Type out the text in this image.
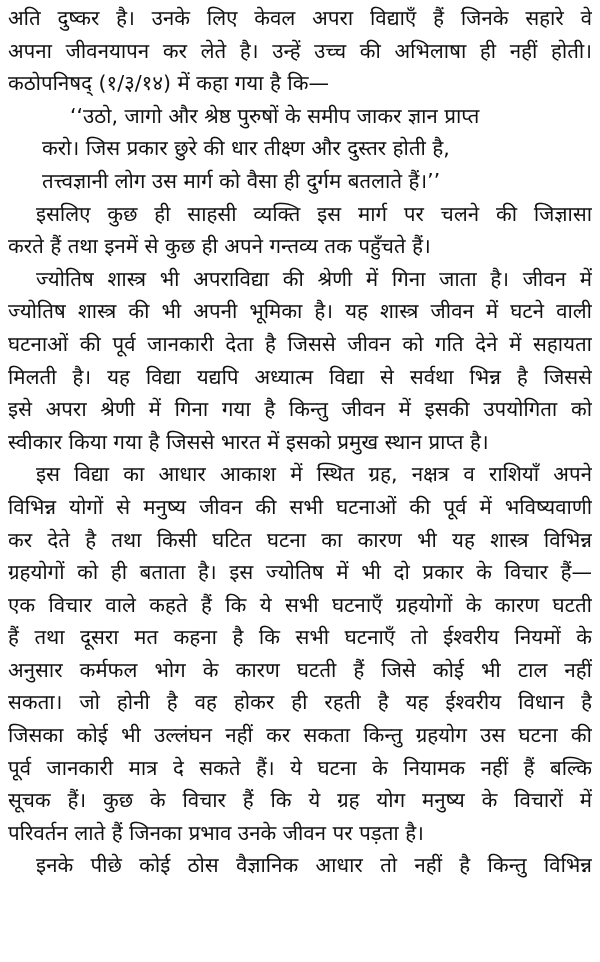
अति दुष्कर है। उनके लिए केवल अपरा विद्याएँ हैं जिनके सहारे वे
अपना जीवनयापन कर लेते है। उन्हें उच्च की अभिलाषा ही नहीं होती।
कठोपनिषद् (१/३/१४) में कहा गया है कि—
‘‘उठो, जागो और श्रेष्ठ पुरुषों के समीप जाकर ज्ञान प्राप्त
करो। जिस प्रकार छुरे की धार तीक्ष्ण और दुस्तर होती है,
तत्त्वज्ञानी लोग उस मार्ग को वैसा ही दुर्गम बतलाते हैं।’’
इसलिए कुछ ही साहसी व्यक्ति इस मार्ग पर चलने की जिज्ञासा
करते हैं तथा इनमें से कुछ ही अपने गन्तव्य तक पहुँचते हैं।
ज्योतिष शास्त्र भी अपराविद्या की श्रेणी में गिना जाता है। जीवन में
ज्योतिष शास्त्र की भी अपनी भूमिका है। यह शास्त्र जीवन में घटने वाली
घटनाओं की पूर्व जानकारी देता है जिससे जीवन को गति देने में सहायता
मिलती है। यह विद्या यद्यपि अध्यात्म विद्या से सर्वथा भिन्न है जिससे
इसे अपरा श्रेणी में गिना गया है किन्तु जीवन में इसकी उपयोगिता को
स्वीकार किया गया है जिससे भारत में इसको प्रमुख स्थान प्राप्त है।
इस विद्या का आधार आकाश में स्थित ग्रह, नक्षत्र व राशियाँ अपने
विभिन्न योगों से मनुष्य जीवन की सभी घटनाओं की पूर्व में भविष्यवाणी
कर देते है तथा किसी घटित घटना का कारण भी यह शास्त्र विभिन्न
ग्रहयोगों को ही बताता है। इस ज्योतिष में भी दो प्रकार के विचार हैं—
एक विचार वाले कहते हैं कि ये सभी घटनाएँ ग्रहयोगों के कारण घटती
हैं तथा दूसरा मत कहना है कि सभी घटनाएँ तो ईश्वरीय नियमों के
अनुसार कर्मफल भोग के कारण घटती हैं जिसे कोई भी टाल नहीं
सकता। जो होनी है वह होकर ही रहती है यह ईश्वरीय विधान है
जिसका कोई भी उल्लंघन नहीं कर सकता किन्तु ग्रहयोग उस घटना की
पूर्व जानकारी मात्र दे सकते हैं। ये घटना के नियामक नहीं हैं बल्कि
सूचक हैं। कुछ के विचार हैं कि ये ग्रह योग मनुष्य के विचारों में
परिवर्तन लाते हैं जिनका प्रभाव उनके जीवन पर पड़ता है।
इनके पीछे कोई ठोस वैज्ञानिक आधार तो नहीं है किन्तु विभिन्न
